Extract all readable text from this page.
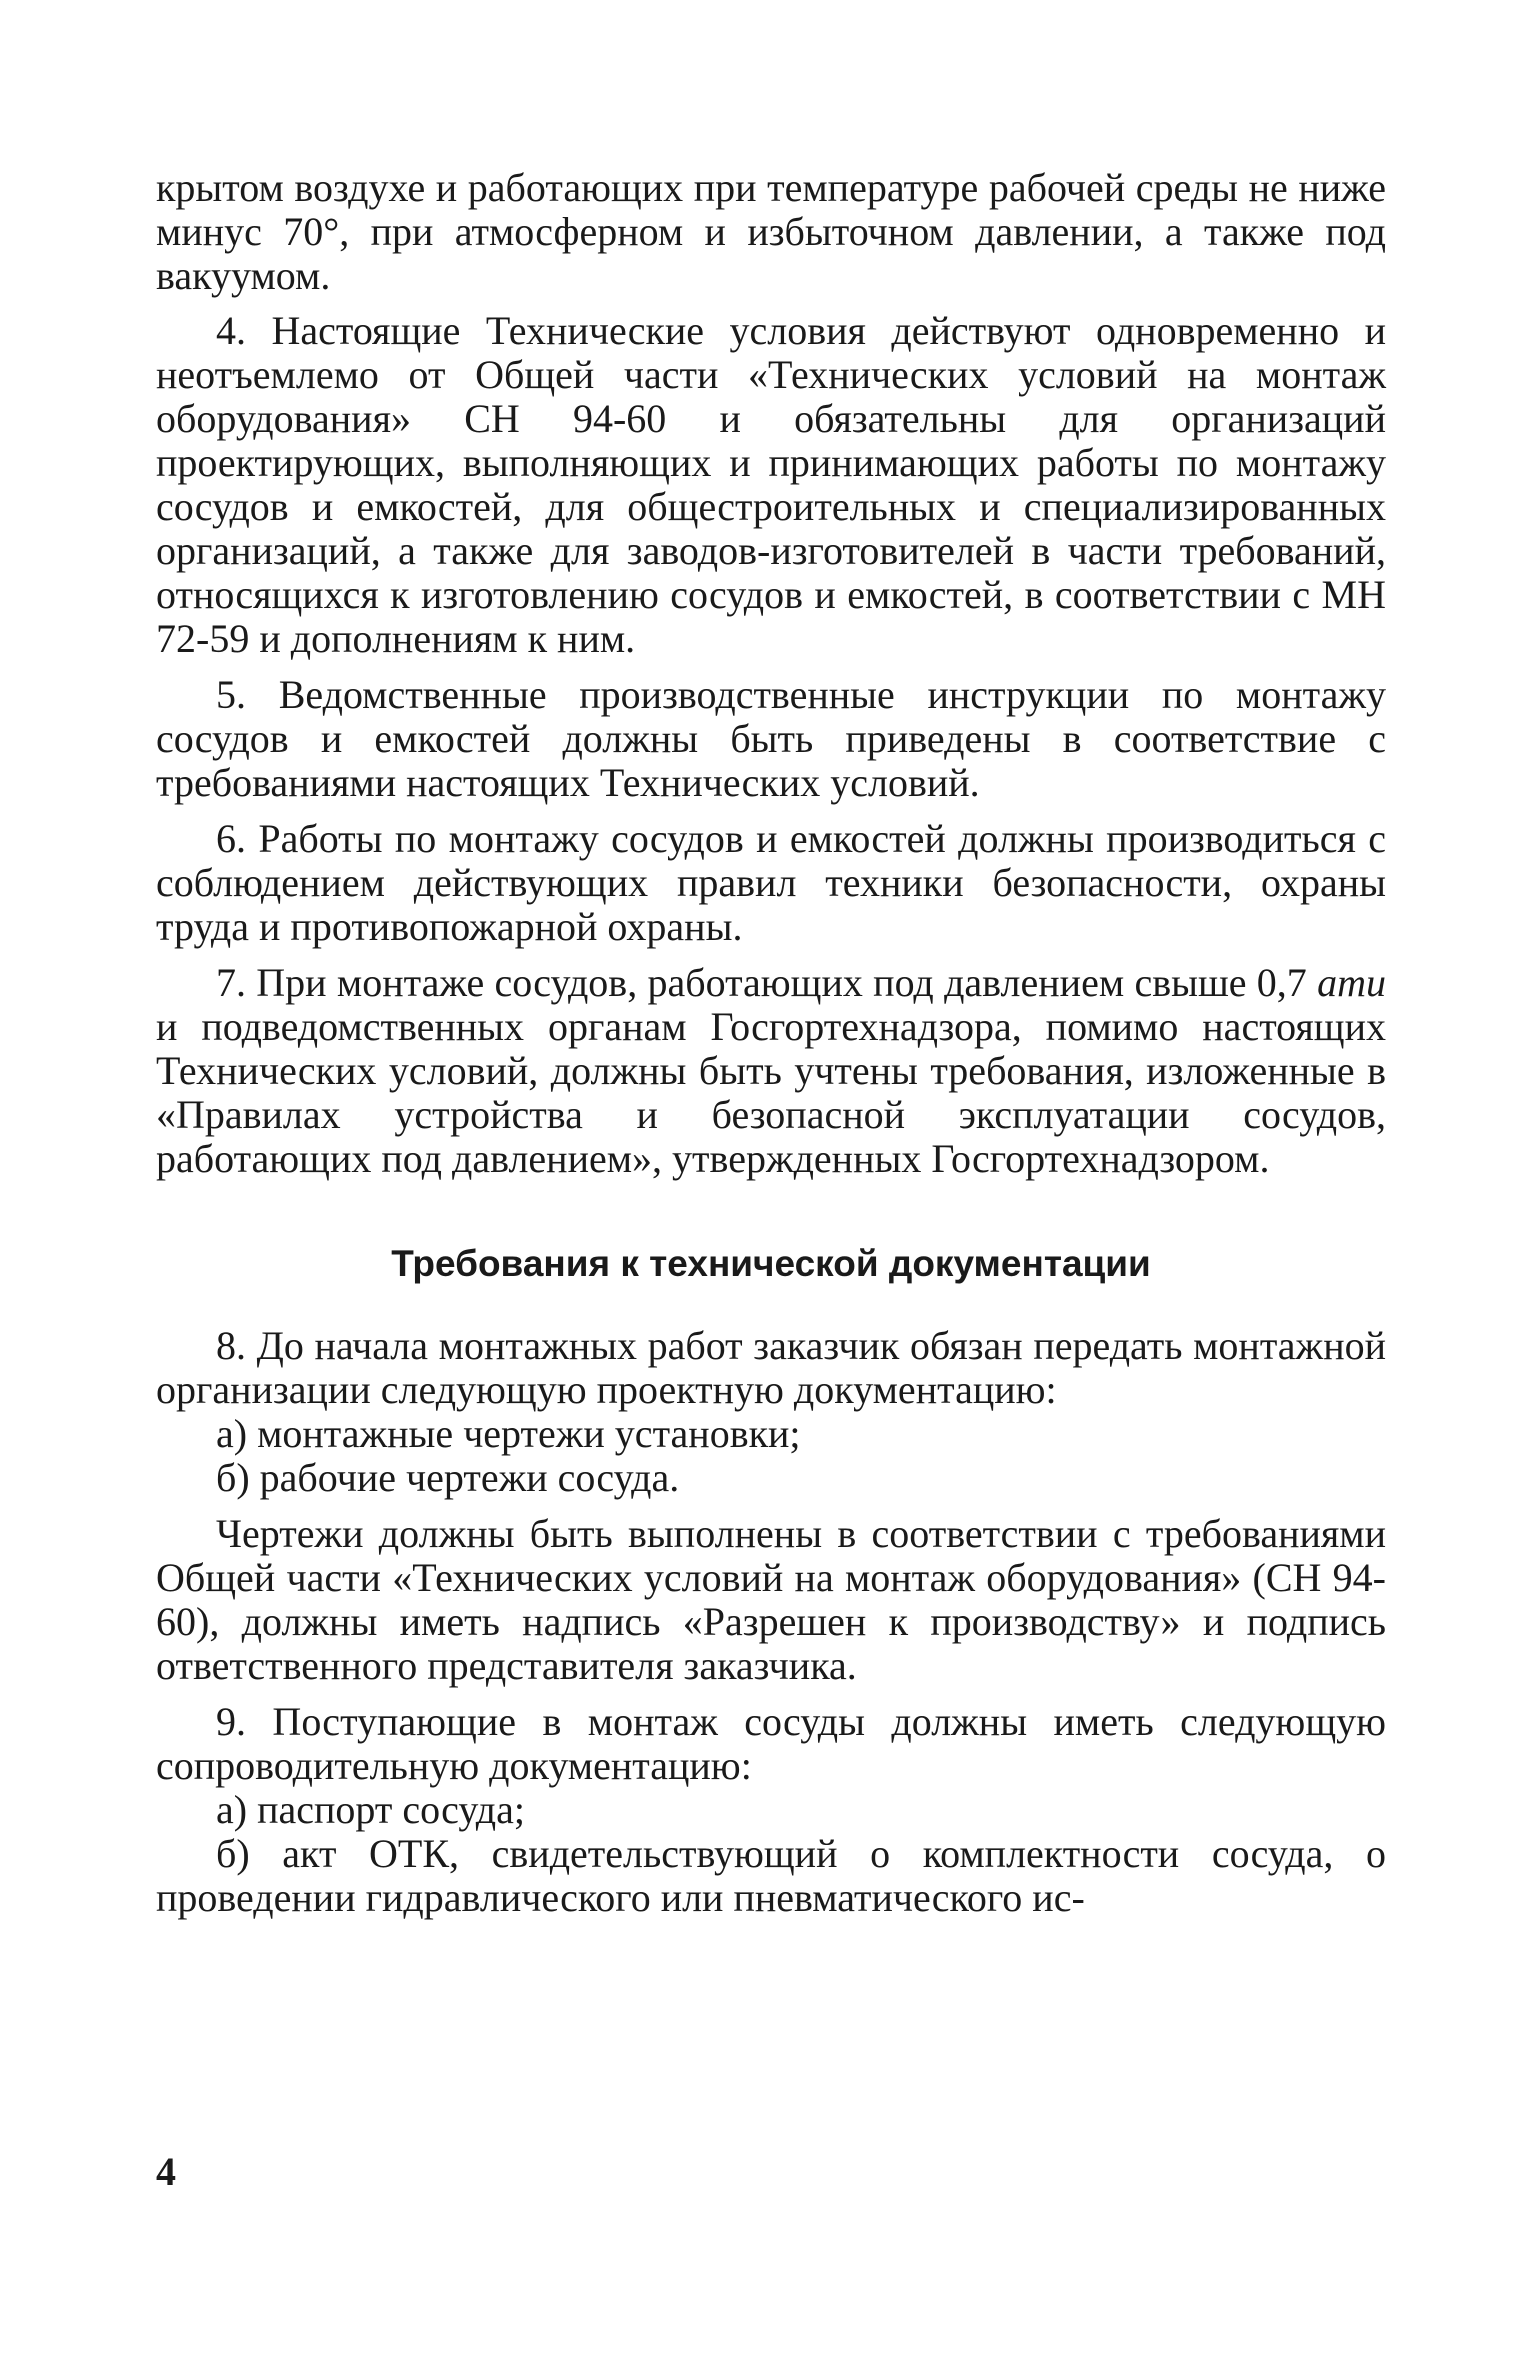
крытом воздухе и работающих при температуре рабочей среды не ниже минус 70°, при атмосферном и избыточном давлении, а также под вакуумом.

4. Настоящие Технические условия действуют одновременно и неотъемлемо от Общей части «Технических условий на монтаж оборудования» СН 94-60 и обязательны для организаций проектирующих, выполняющих и принимающих работы по монтажу сосудов и емкостей, для общестроительных и специализированных организаций, а также для заводов-изготовителей в части требований, относящихся к изготовлению сосудов и емкостей, в соответствии с МН 72-59 и дополнениям к ним.

5. Ведомственные производственные инструкции по монтажу сосудов и емкостей должны быть приведены в соответствие с требованиями настоящих Технических условий.

6. Работы по монтажу сосудов и емкостей должны производиться с соблюдением действующих правил техники безопасности, охраны труда и противопожарной охраны.

7. При монтаже сосудов, работающих под давлением свыше 0,7 ати и подведомственных органам Госгортехнадзора, помимо настоящих Технических условий, должны быть учтены требования, изложенные в «Правилах устройства и безопасной эксплуатации сосудов, работающих под давлением», утвержденных Госгортехнадзором.

Требования к технической документации

8. До начала монтажных работ заказчик обязан передать монтажной организации следующую проектную документацию:

а) монтажные чертежи установки;

б) рабочие чертежи сосуда.

Чертежи должны быть выполнены в соответствии с требованиями Общей части «Технических условий на монтаж оборудования» (СН 94-60), должны иметь надпись «Разрешен к производству» и подпись ответственного представителя заказчика.

9. Поступающие в монтаж сосуды должны иметь следующую сопроводительную документацию:

а) паспорт сосуда;

б) акт ОТК, свидетельствующий о комплектности сосуда, о проведении гидравлического или пневматического ис-

4
